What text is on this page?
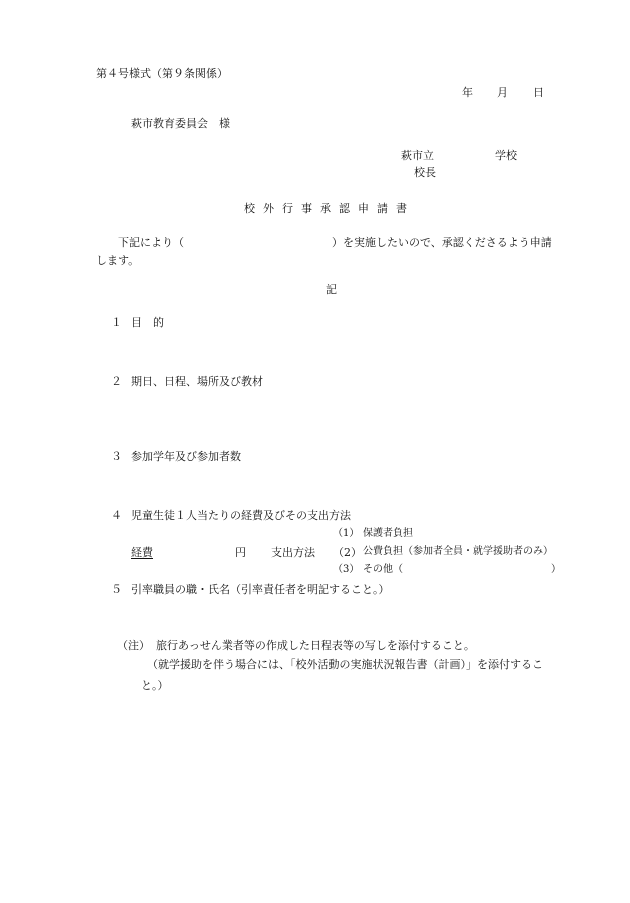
第４号様式（第９条関係）
年 月 日
萩市教育委員会　様
萩市立	学校
校長
校外行事承認申請書
下記により（	）を実施したいので、承認くださるよう申請
します。
記
１ 目　的
２ 期日、日程、場所及び教材
３ 参加学年及び参加者数
４ 児童生徒１人当たりの経費及びその支出方法
（1） 保護者負担
経費	円 支出方法 （2） 公費負担（参加者全員・就学援助者のみ）
（3） その他（	）
５ 引率職員の職・氏名（引率責任者を明記すること。）
（注） 旅行あっせん業者等の作成した日程表等の写しを添付すること。
（就学援助を伴う場合には、「校外活動の実施状況報告書（計画）」を添付するこ
と。）
